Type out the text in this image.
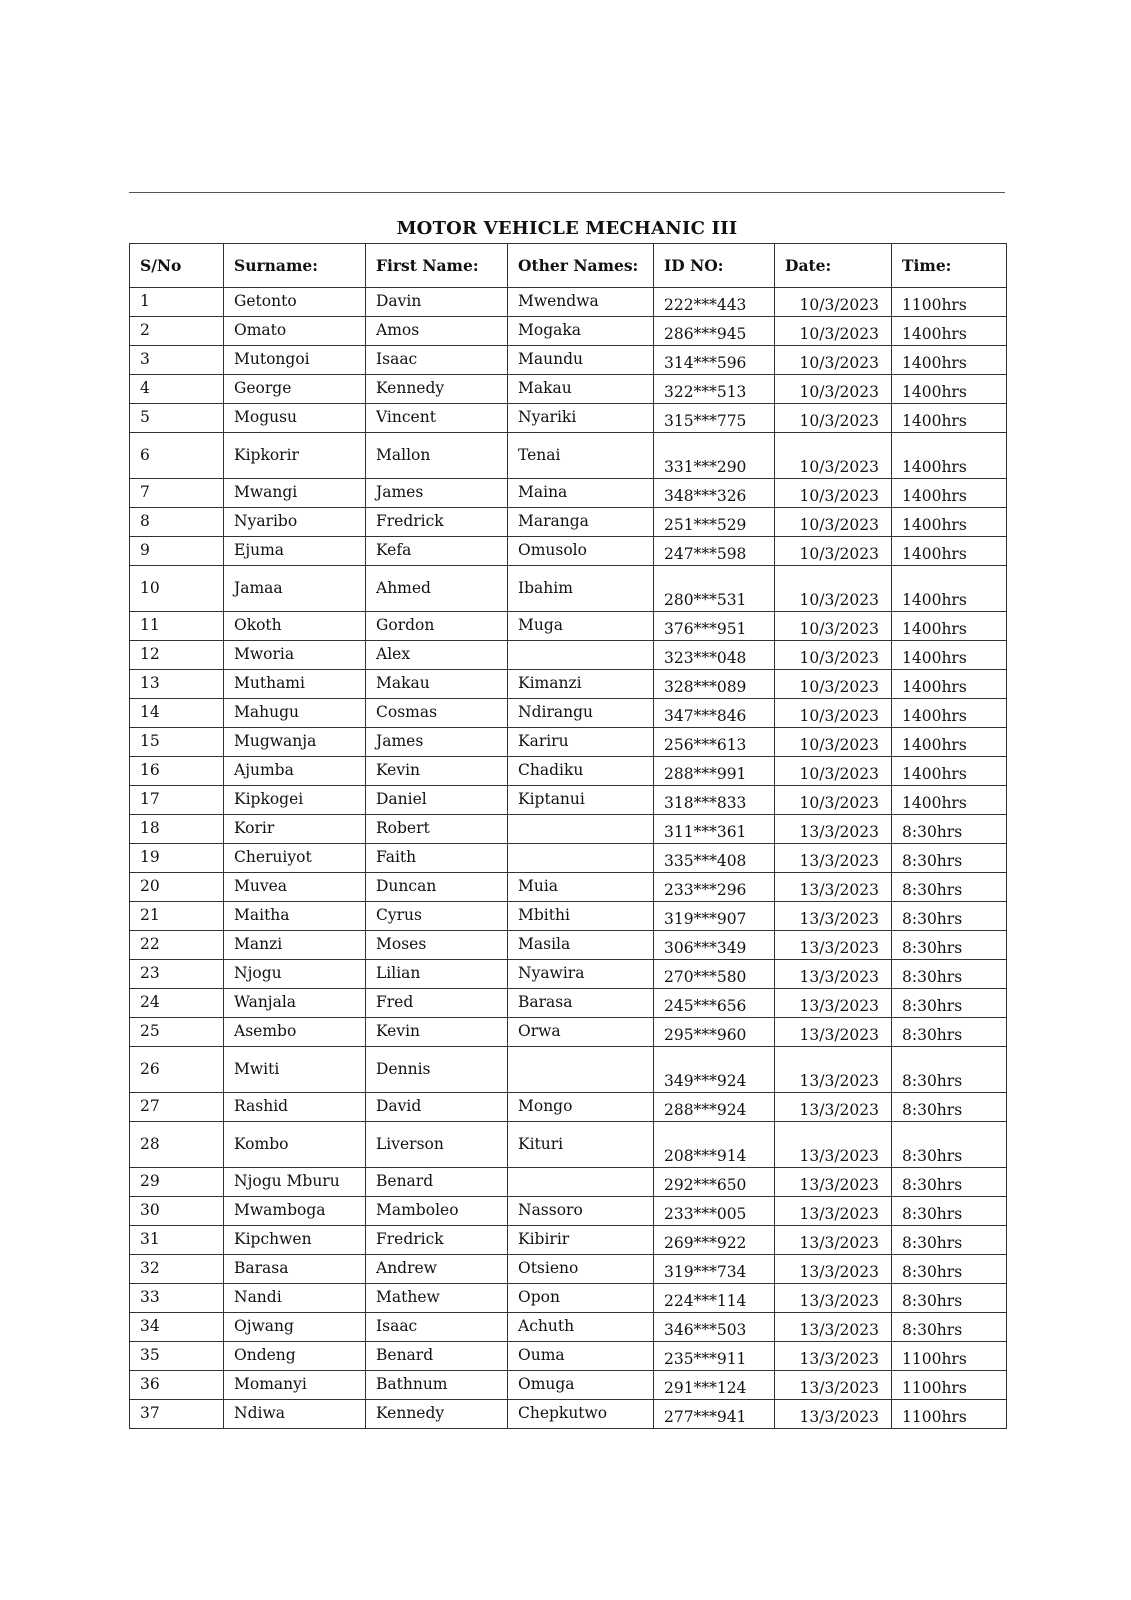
MOTOR VEHICLE MECHANIC III
S/No	Surname:	First Name:	Other Names:	ID NO:	Date:	Time:
1	Getonto	Davin	Mwendwa	222***443	10/3/2023	1100hrs
2	Omato	Amos	Mogaka	286***945	10/3/2023	1400hrs
3	Mutongoi	Isaac	Maundu	314***596	10/3/2023	1400hrs
4	George	Kennedy	Makau	322***513	10/3/2023	1400hrs
5	Mogusu	Vincent	Nyariki	315***775	10/3/2023	1400hrs
6	Kipkorir	Mallon	Tenai	331***290	10/3/2023	1400hrs
7	Mwangi	James	Maina	348***326	10/3/2023	1400hrs
8	Nyaribo	Fredrick	Maranga	251***529	10/3/2023	1400hrs
9	Ejuma	Kefa	Omusolo	247***598	10/3/2023	1400hrs
10	Jamaa	Ahmed	Ibahim	280***531	10/3/2023	1400hrs
11	Okoth	Gordon	Muga	376***951	10/3/2023	1400hrs
12	Mworia	Alex		323***048	10/3/2023	1400hrs
13	Muthami	Makau	Kimanzi	328***089	10/3/2023	1400hrs
14	Mahugu	Cosmas	Ndirangu	347***846	10/3/2023	1400hrs
15	Mugwanja	James	Kariru	256***613	10/3/2023	1400hrs
16	Ajumba	Kevin	Chadiku	288***991	10/3/2023	1400hrs
17	Kipkogei	Daniel	Kiptanui	318***833	10/3/2023	1400hrs
18	Korir	Robert		311***361	13/3/2023	8:30hrs
19	Cheruiyot	Faith		335***408	13/3/2023	8:30hrs
20	Muvea	Duncan	Muia	233***296	13/3/2023	8:30hrs
21	Maitha	Cyrus	Mbithi	319***907	13/3/2023	8:30hrs
22	Manzi	Moses	Masila	306***349	13/3/2023	8:30hrs
23	Njogu	Lilian	Nyawira	270***580	13/3/2023	8:30hrs
24	Wanjala	Fred	Barasa	245***656	13/3/2023	8:30hrs
25	Asembo	Kevin	Orwa	295***960	13/3/2023	8:30hrs
26	Mwiti	Dennis		349***924	13/3/2023	8:30hrs
27	Rashid	David	Mongo	288***924	13/3/2023	8:30hrs
28	Kombo	Liverson	Kituri	208***914	13/3/2023	8:30hrs
29	Njogu Mburu	Benard		292***650	13/3/2023	8:30hrs
30	Mwamboga	Mamboleo	Nassoro	233***005	13/3/2023	8:30hrs
31	Kipchwen	Fredrick	Kibirir	269***922	13/3/2023	8:30hrs
32	Barasa	Andrew	Otsieno	319***734	13/3/2023	8:30hrs
33	Nandi	Mathew	Opon	224***114	13/3/2023	8:30hrs
34	Ojwang	Isaac	Achuth	346***503	13/3/2023	8:30hrs
35	Ondeng	Benard	Ouma	235***911	13/3/2023	1100hrs
36	Momanyi	Bathnum	Omuga	291***124	13/3/2023	1100hrs
37	Ndiwa	Kennedy	Chepkutwo	277***941	13/3/2023	1100hrs
